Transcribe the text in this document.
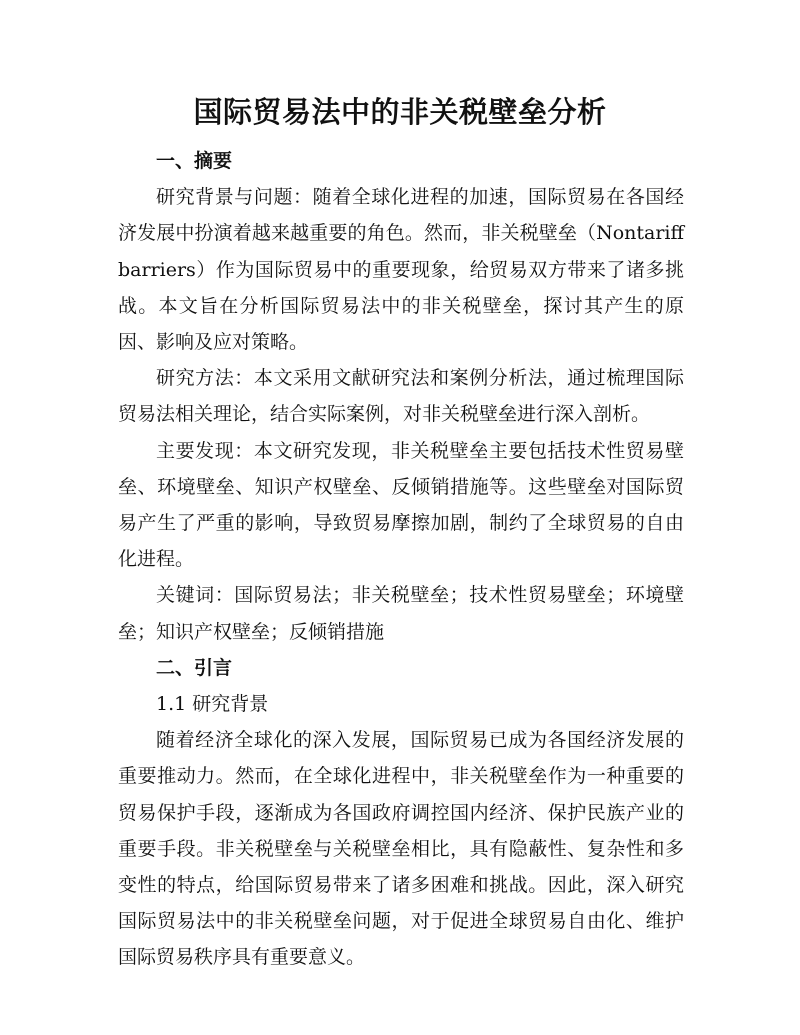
国际贸易法中的非关税壁垒分析

一、摘要

研究背景与问题：随着全球化进程的加速，国际贸易在各国经济发展中扮演着越来越重要的角色。然而，非关税壁垒（Nontariff barriers）作为国际贸易中的重要现象，给贸易双方带来了诸多挑战。本文旨在分析国际贸易法中的非关税壁垒，探讨其产生的原因、影响及应对策略。

研究方法：本文采用文献研究法和案例分析法，通过梳理国际贸易法相关理论，结合实际案例，对非关税壁垒进行深入剖析。

主要发现：本文研究发现，非关税壁垒主要包括技术性贸易壁垒、环境壁垒、知识产权壁垒、反倾销措施等。这些壁垒对国际贸易产生了严重的影响，导致贸易摩擦加剧，制约了全球贸易的自由化进程。

关键词：国际贸易法；非关税壁垒；技术性贸易壁垒；环境壁垒；知识产权壁垒；反倾销措施

二、引言

1.1 研究背景

随着经济全球化的深入发展，国际贸易已成为各国经济发展的重要推动力。然而，在全球化进程中，非关税壁垒作为一种重要的贸易保护手段，逐渐成为各国政府调控国内经济、保护民族产业的重要手段。非关税壁垒与关税壁垒相比，具有隐蔽性、复杂性和多变性的特点，给国际贸易带来了诸多困难和挑战。因此，深入研究国际贸易法中的非关税壁垒问题，对于促进全球贸易自由化、维护国际贸易秩序具有重要意义。
